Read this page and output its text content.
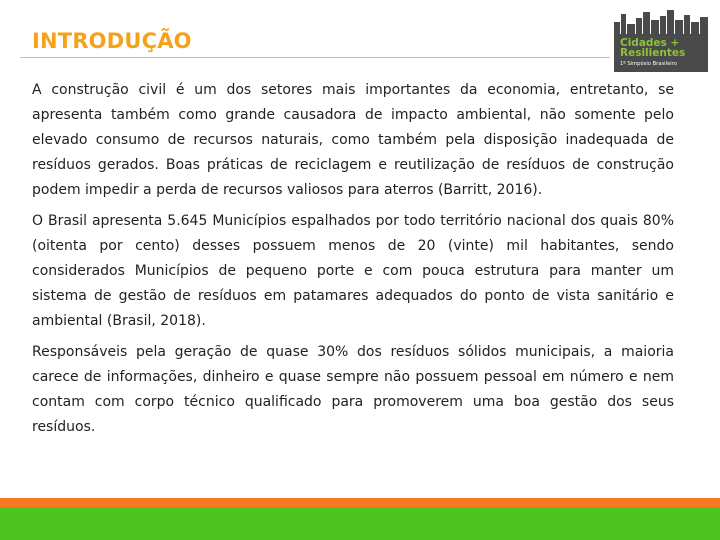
INTRODUÇÃO	Cidades +
Resilientes
1º Simpósio Brasileiro

A construção civil é um dos setores mais importantes da economia, entretanto, se apresenta também como grande causadora de impacto ambiental, não somente pelo elevado consumo de recursos naturais, como também pela disposição inadequada de resíduos gerados. Boas práticas de reciclagem e reutilização de resíduos de construção podem impedir a perda de recursos valiosos para aterros (Barritt, 2016).

O Brasil apresenta 5.645 Municípios espalhados por todo território nacional dos quais 80% (oitenta por cento) desses possuem menos de 20 (vinte) mil habitantes, sendo considerados Municípios de pequeno porte e com pouca estrutura para manter um sistema de gestão de resíduos em patamares adequados do ponto de vista sanitário e ambiental (Brasil, 2018).

Responsáveis pela geração de quase 30% dos resíduos sólidos municipais, a maioria carece de informações, dinheiro e quase sempre não possuem pessoal em número e nem contam com corpo técnico qualificado para promoverem uma boa gestão dos seus resíduos.
